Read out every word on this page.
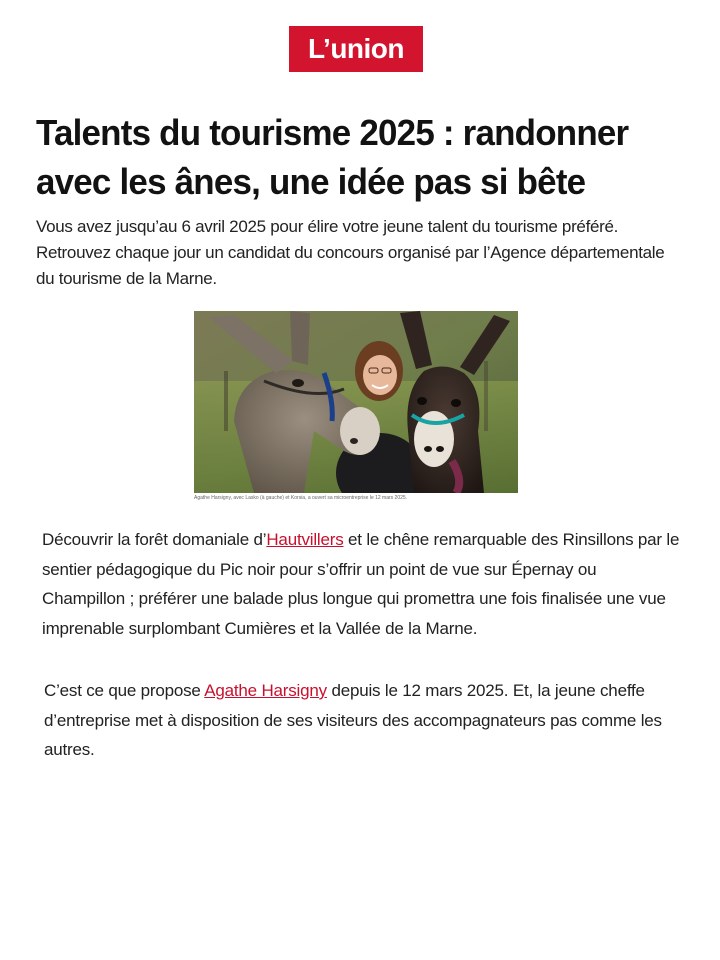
L’union
Talents du tourisme 2025 : randonner avec les ânes, une idée pas si bête

Vous avez jusqu’au 6 avril 2025 pour élire votre jeune talent du tourisme préféré. Retrouvez chaque jour un candidat du concours organisé par l’Agence départementale du tourisme de la Marne.

Agathe Harsigny, avec Lasko (à gauche) et Korsia, a ouvert sa microentreprise le 12 mars 2025.

Découvrir la forêt domaniale d’Hautvillers et le chêne remarquable des Rinsillons par le sentier pédagogique du Pic noir pour s’offrir un point de vue sur Épernay ou Champillon ; préférer une balade plus longue qui promettra une fois finalisée une vue imprenable surplombant Cumières et la Vallée de la Marne.

C’est ce que propose Agathe Harsigny depuis le 12 mars 2025. Et, la jeune cheffe d’entreprise met à disposition de ses visiteurs des accompagnateurs pas comme les autres.
